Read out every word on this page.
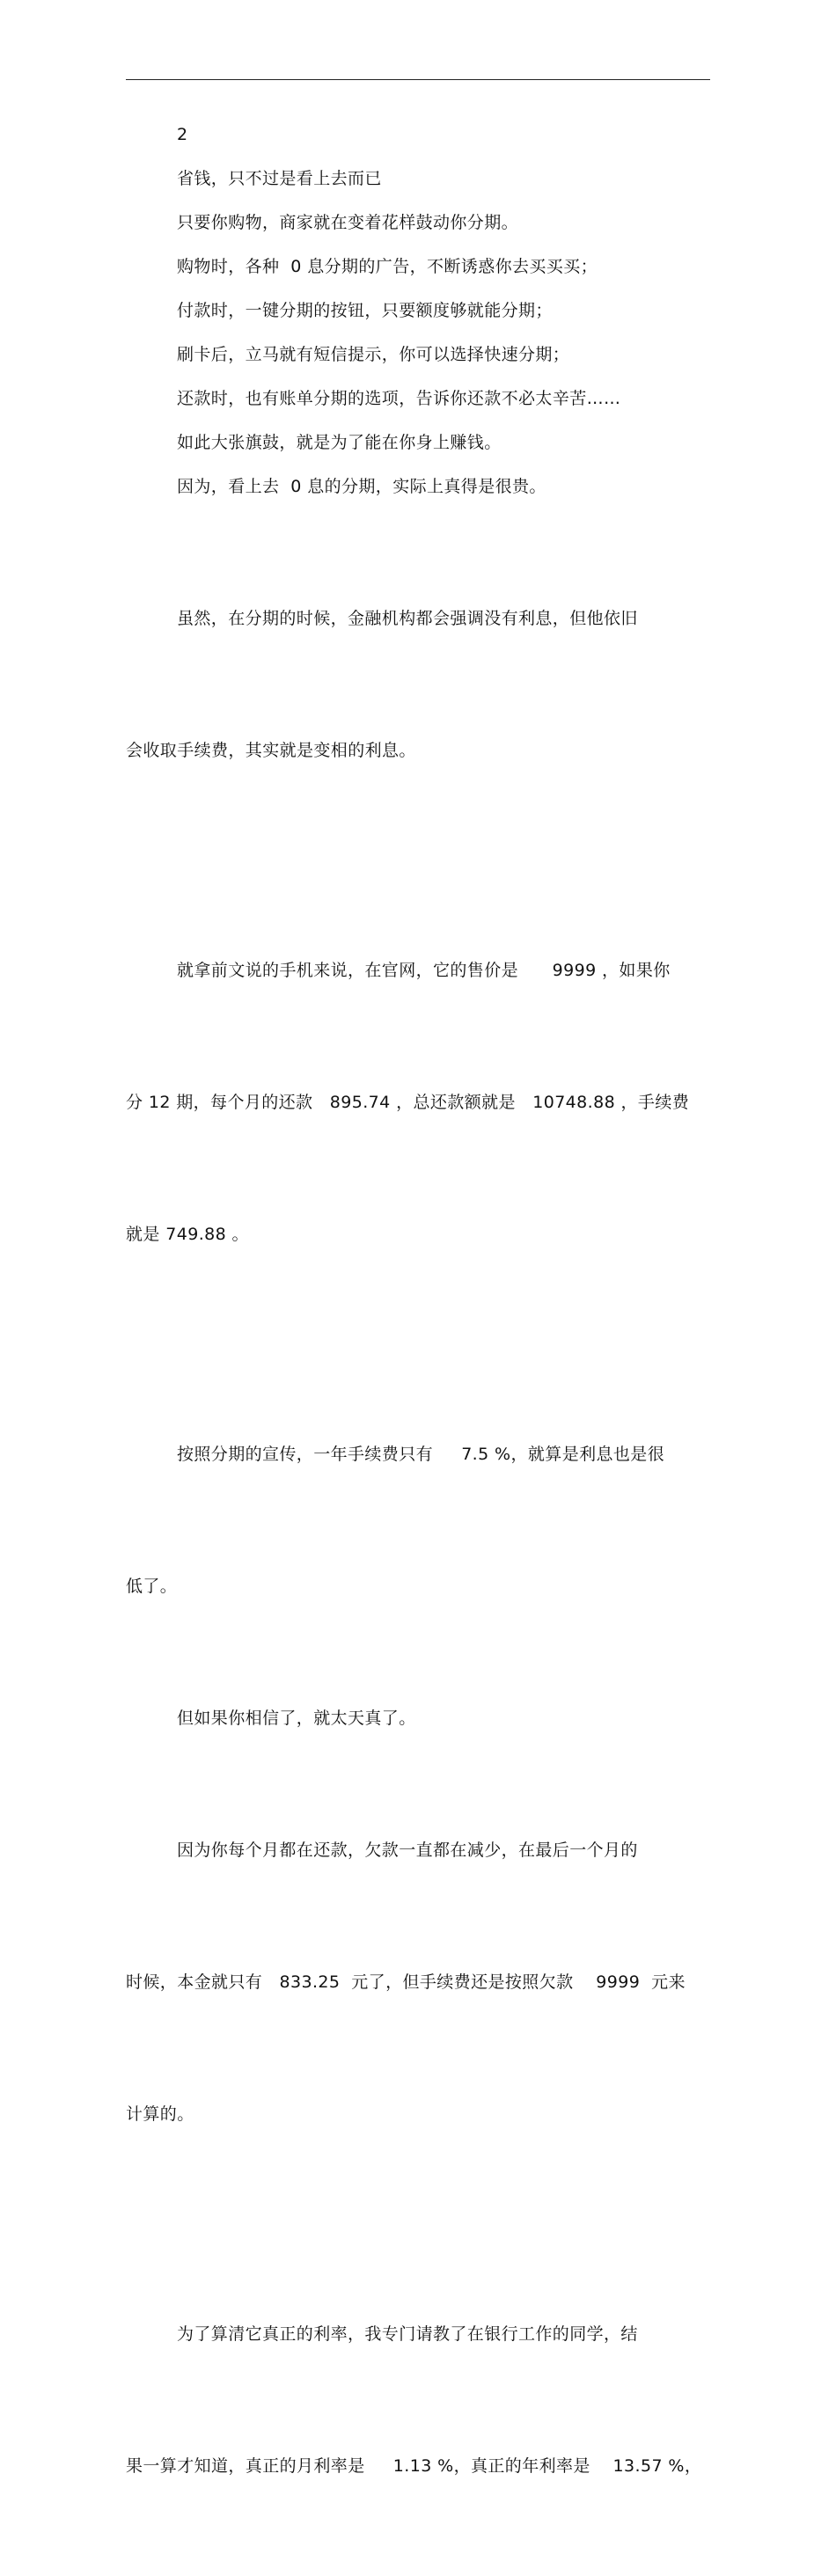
2

省钱，只不过是看上去而已

只要你购物，商家就在变着花样鼓动你分期。

购物时，各种  0 息分期的广告，不断诱惑你去买买买；

付款时，一键分期的按钮，只要额度够就能分期；

刷卡后，立马就有短信提示，你可以选择快速分期；

还款时，也有账单分期的选项，告诉你还款不必太辛苦……

如此大张旗鼓，就是为了能在你身上赚钱。

因为，看上去  0 息的分期，实际上真得是很贵。

虽然，在分期的时候，金融机构都会强调没有利息，但他依旧

会收取手续费，其实就是变相的利息。

就拿前文说的手机来说，在官网，它的售价是      9999 ，如果你

分 12 期，每个月的还款   895.74 ，总还款额就是   10748.88 ，手续费

就是 749.88 。

按照分期的宣传，一年手续费只有     7.5 %，就算是利息也是很

低了。

但如果你相信了，就太天真了。

因为你每个月都在还款，欠款一直都在减少，在最后一个月的

时候，本金就只有   833.25  元了，但手续费还是按照欠款    9999  元来

计算的。

为了算清它真正的利率，我专门请教了在银行工作的同学，结

果一算才知道，真正的月利率是     1.13 %，真正的年利率是    13.57 %，
